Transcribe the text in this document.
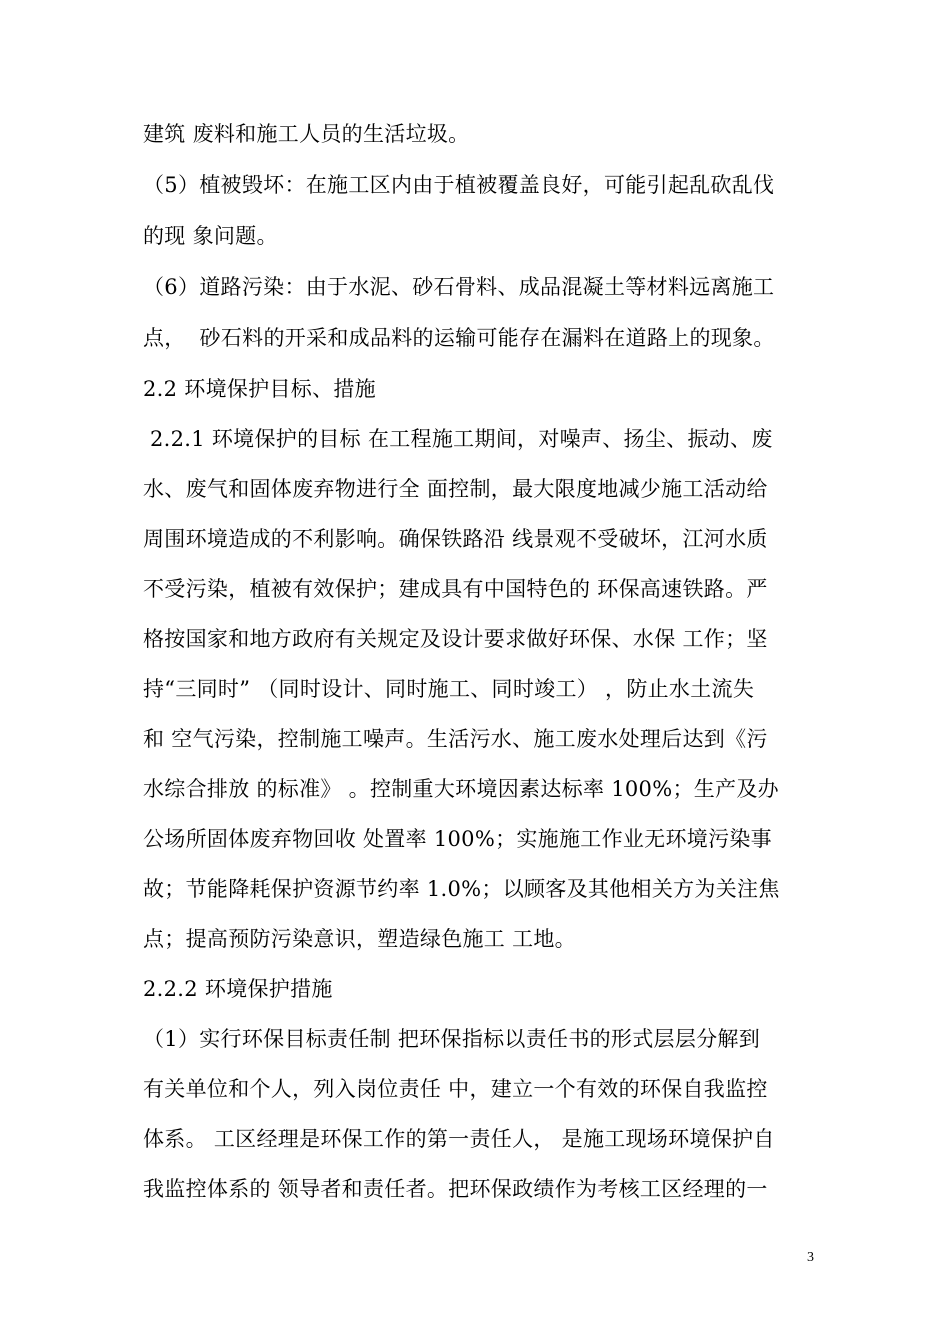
建筑 废料和施工人员的生活垃圾。
（5）植被毁坏：在施工区内由于植被覆盖良好，可能引起乱砍乱伐
的现 象问题。
（6）道路污染：由于水泥、砂石骨料、成品混凝土等材料远离施工
点，  砂石料的开采和成品料的运输可能存在漏料在道路上的现象。
2.2 环境保护目标、措施
2.2.1 环境保护的目标 在工程施工期间，对噪声、扬尘、振动、废
水、废气和固体废弃物进行全 面控制，最大限度地减少施工活动给
周围环境造成的不利影响。确保铁路沿 线景观不受破坏，江河水质
不受污染，植被有效保护；建成具有中国特色的 环保高速铁路。严
格按国家和地方政府有关规定及设计要求做好环保、水保 工作；坚
持“三同时” （同时设计、同时施工、同时竣工） ，防止水土流失
和 空气污染，控制施工噪声。生活污水、施工废水处理后达到《污
水综合排放 的标准》 。控制重大环境因素达标率 100%；生产及办
公场所固体废弃物回收 处置率 100%；实施施工作业无环境污染事
故；节能降耗保护资源节约率 1.0%；以顾客及其他相关方为关注焦
点；提高预防污染意识，塑造绿色施工 工地。
2.2.2 环境保护措施
（1）实行环保目标责任制 把环保指标以责任书的形式层层分解到
有关单位和个人，列入岗位责任 中，建立一个有效的环保自我监控
体系。 工区经理是环保工作的第一责任人， 是施工现场环境保护自
我监控体系的 领导者和责任者。把环保政绩作为考核工区经理的一
3
